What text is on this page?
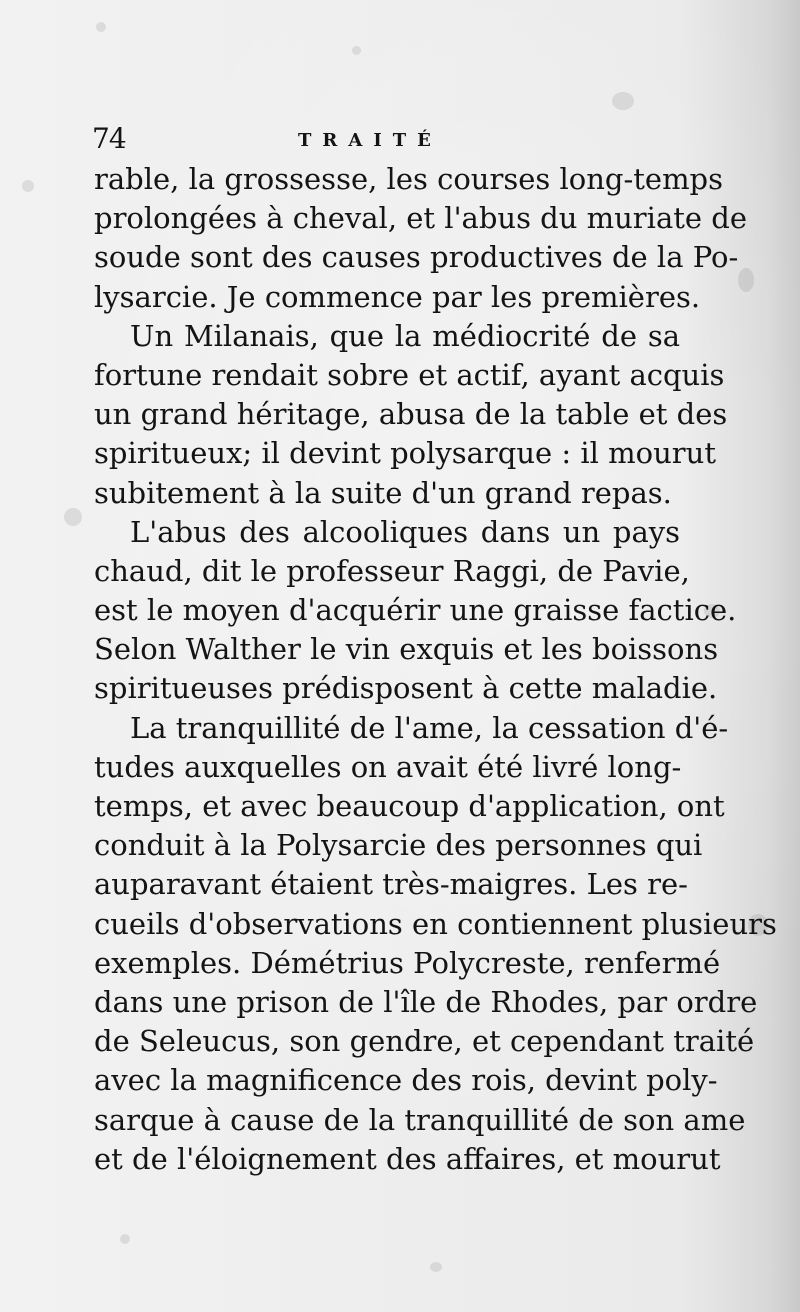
74	TRAITÉ
rable, la grossesse, les courses long-temps
prolongées à cheval, et l'abus du muriate de
soude sont des causes productives de la Po-
lysarcie. Je commence par les premières.
Un Milanais, que la médiocrité de sa
fortune rendait sobre et actif, ayant acquis
un grand héritage, abusa de la table et des
spiritueux; il devint polysarque : il mourut
subitement à la suite d'un grand repas.
L'abus des alcooliques dans un pays
chaud, dit le professeur Raggi, de Pavie,
est le moyen d'acquérir une graisse factice.
Selon Walther le vin exquis et les boissons
spiritueuses prédisposent à cette maladie.
La tranquillité de l'ame, la cessation d'é-
tudes auxquelles on avait été livré long-
temps, et avec beaucoup d'application, ont
conduit à la Polysarcie des personnes qui
auparavant étaient très-maigres. Les re-
cueils d'observations en contiennent plusieurs
exemples. Démétrius Polycreste, renfermé
dans une prison de l'île de Rhodes, par ordre
de Seleucus, son gendre, et cependant traité
avec la magnificence des rois, devint poly-
sarque à cause de la tranquillité de son ame
et de l'éloignement des affaires, et mourut
